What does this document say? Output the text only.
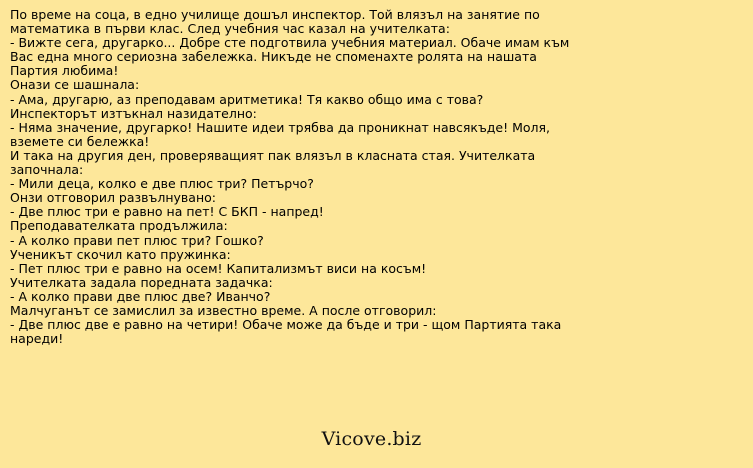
По време на соца, в едно училище дошъл инспектор. Той влязъл на занятие по математика в първи клас. След учебния час казал на учителката:

- Вижте сега, другарко... Добре сте подготвила учебния материал. Обаче имам към Вас една много сериозна забележка. Никъде не споменахте ролята на нашата Партия любима!

Онази се шашнала:

- Ама, другарю, аз преподавам аритметика! Тя какво общо има с това?

Инспекторът изтъкнал назидателно:

- Няма значение, другарко! Нашите идеи трябва да проникнат навсякъде! Моля, вземете си бележка!

И така на другия ден, проверяващият пак влязъл в класната стая. Учителката започнала:

- Мили деца, колко е две плюс три? Петърчо?

Онзи отговорил развълнувано:

- Две плюс три е равно на пет! С БКП - напред!

Преподавателката продължила:

- А колко прави пет плюс три? Гошко?

Ученикът скочил като пружинка:

- Пет плюс три е равно на осем! Капитализмът виси на косъм!

Учителката задала поредната задачка:

- А колко прави две плюс две? Иванчо?

Малчуганът се замислил за известно време. А после отговорил:

- Две плюс две е равно на четири! Обаче може да бъде и три - щом Партията така нареди!

Vicove.biz
